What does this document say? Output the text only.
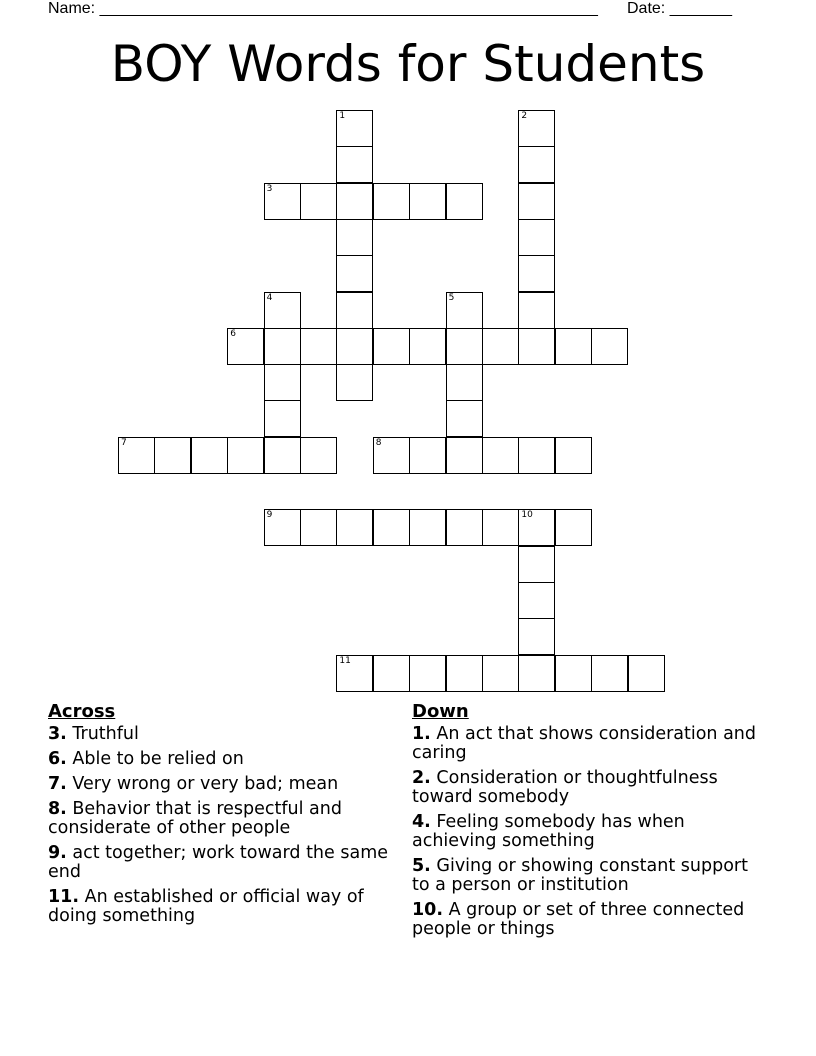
Name: ________________________________________________________ Date: _______
BOY Words for Students
1	2
3
4	5
6
7	8
9	10
11
Across
3. Truthful
6. Able to be relied on
7. Very wrong or very bad; mean
8. Behavior that is respectful and considerate of other people
9. act together; work toward the same end
11. An established or official way of doing something
Down
1. An act that shows consideration and caring
2. Consideration or thoughtfulness toward somebody
4. Feeling somebody has when achieving something
5. Giving or showing constant support to a person or institution
10. A group or set of three connected people or things
